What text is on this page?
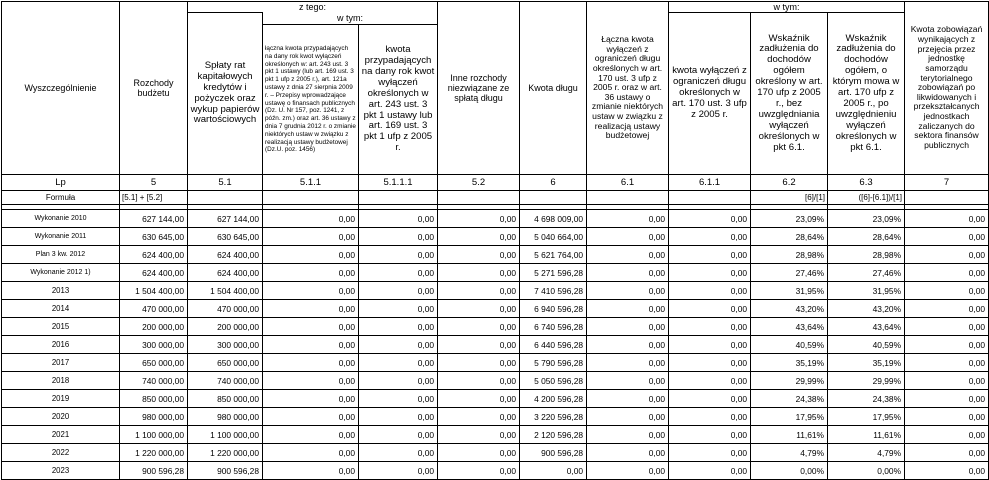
Wyszczególnienie	Rozchody budżetu	z tego:			Inne rozchody niezwiązane ze spłatą długu	Kwota długu	Łączna kwota wyłączeń z ograniczeń długu określonych w art. 170 ust. 3 ufp z 2005 r. oraz w art. 36 ustawy o zmianie niektórych ustaw w związku z realizacją ustawy budżetowej	w tym:			Kwota zobowiązań wynikających z przejęcia przez jednostkę samorządu terytorialnego zobowiązań po likwidowanych i przekształcanych jednostkach zaliczanych do sektora finansów publicznych
		Spłaty rat kapitałowych kredytów i pożyczek oraz wykup papierów wartościowych	w tym:					kwota wyłączeń z ograniczeń długu określonych w art. 170 ust. 3 ufp z 2005 r.	Wskaźnik zadłużenia do dochodów ogółem określony w art. 170 ufp z 2005 r., bez uwzględniania wyłączeń określonych w pkt 6.1.	Wskaźnik zadłużenia do dochodów ogółem, o którym mowa w art. 170 ufp z 2005 r., po uwzględnieniu wyłączeń określonych w pkt 6.1.	
			łączna kwota przypadających na dany rok kwot wyłączeń określonych w: art. 243 ust. 3 pkt 1 ustawy (lub art. 169 ust. 3 pkt 1 ufp z 2005 r.), art. 121a ustawy z dnia 27 sierpnia 2009 r. – Przepisy wprowadzające ustawę o finansach publicznych (Dz. U. Nr 157, poz. 1241, z późn. zm.) oraz art. 36 ustawy z dnia 7 grudnia 2012 r. o zmianie niektórych ustaw w związku z realizacją ustawy budżetowej (Dz.U. poz. 1456)	kwota przypadających na dany rok kwot wyłączeń określonych w art. 243 ust. 3 pkt 1 ustawy lub art. 169 ust. 3 pkt 1 ufp z 2005 r.							
Lp	5	5.1	5.1.1	5.1.1.1	5.2	6	6.1	6.1.1	6.2	6.3	7
Formuła	[5.1] + [5.2]								[6]/[1]	([6]-[6.1])/[1]	

Wykonanie 2010	627 144,00	627 144,00	0,00	0,00	0,00	4 698 009,00	0,00	0,00	23,09%	23,09%	0,00
Wykonanie 2011	630 645,00	630 645,00	0,00	0,00	0,00	5 040 664,00	0,00	0,00	28,64%	28,64%	0,00
Plan 3 kw. 2012	624 400,00	624 400,00	0,00	0,00	0,00	5 621 764,00	0,00	0,00	28,98%	28,98%	0,00
Wykonanie 2012 1)	624 400,00	624 400,00	0,00	0,00	0,00	5 271 596,28	0,00	0,00	27,46%	27,46%	0,00
2013	1 504 400,00	1 504 400,00	0,00	0,00	0,00	7 410 596,28	0,00	0,00	31,95%	31,95%	0,00
2014	470 000,00	470 000,00	0,00	0,00	0,00	6 940 596,28	0,00	0,00	43,20%	43,20%	0,00
2015	200 000,00	200 000,00	0,00	0,00	0,00	6 740 596,28	0,00	0,00	43,64%	43,64%	0,00
2016	300 000,00	300 000,00	0,00	0,00	0,00	6 440 596,28	0,00	0,00	40,59%	40,59%	0,00
2017	650 000,00	650 000,00	0,00	0,00	0,00	5 790 596,28	0,00	0,00	35,19%	35,19%	0,00
2018	740 000,00	740 000,00	0,00	0,00	0,00	5 050 596,28	0,00	0,00	29,99%	29,99%	0,00
2019	850 000,00	850 000,00	0,00	0,00	0,00	4 200 596,28	0,00	0,00	24,38%	24,38%	0,00
2020	980 000,00	980 000,00	0,00	0,00	0,00	3 220 596,28	0,00	0,00	17,95%	17,95%	0,00
2021	1 100 000,00	1 100 000,00	0,00	0,00	0,00	2 120 596,28	0,00	0,00	11,61%	11,61%	0,00
2022	1 220 000,00	1 220 000,00	0,00	0,00	0,00	900 596,28	0,00	0,00	4,79%	4,79%	0,00
2023	900 596,28	900 596,28	0,00	0,00	0,00	0,00	0,00	0,00	0,00%	0,00%	0,00
